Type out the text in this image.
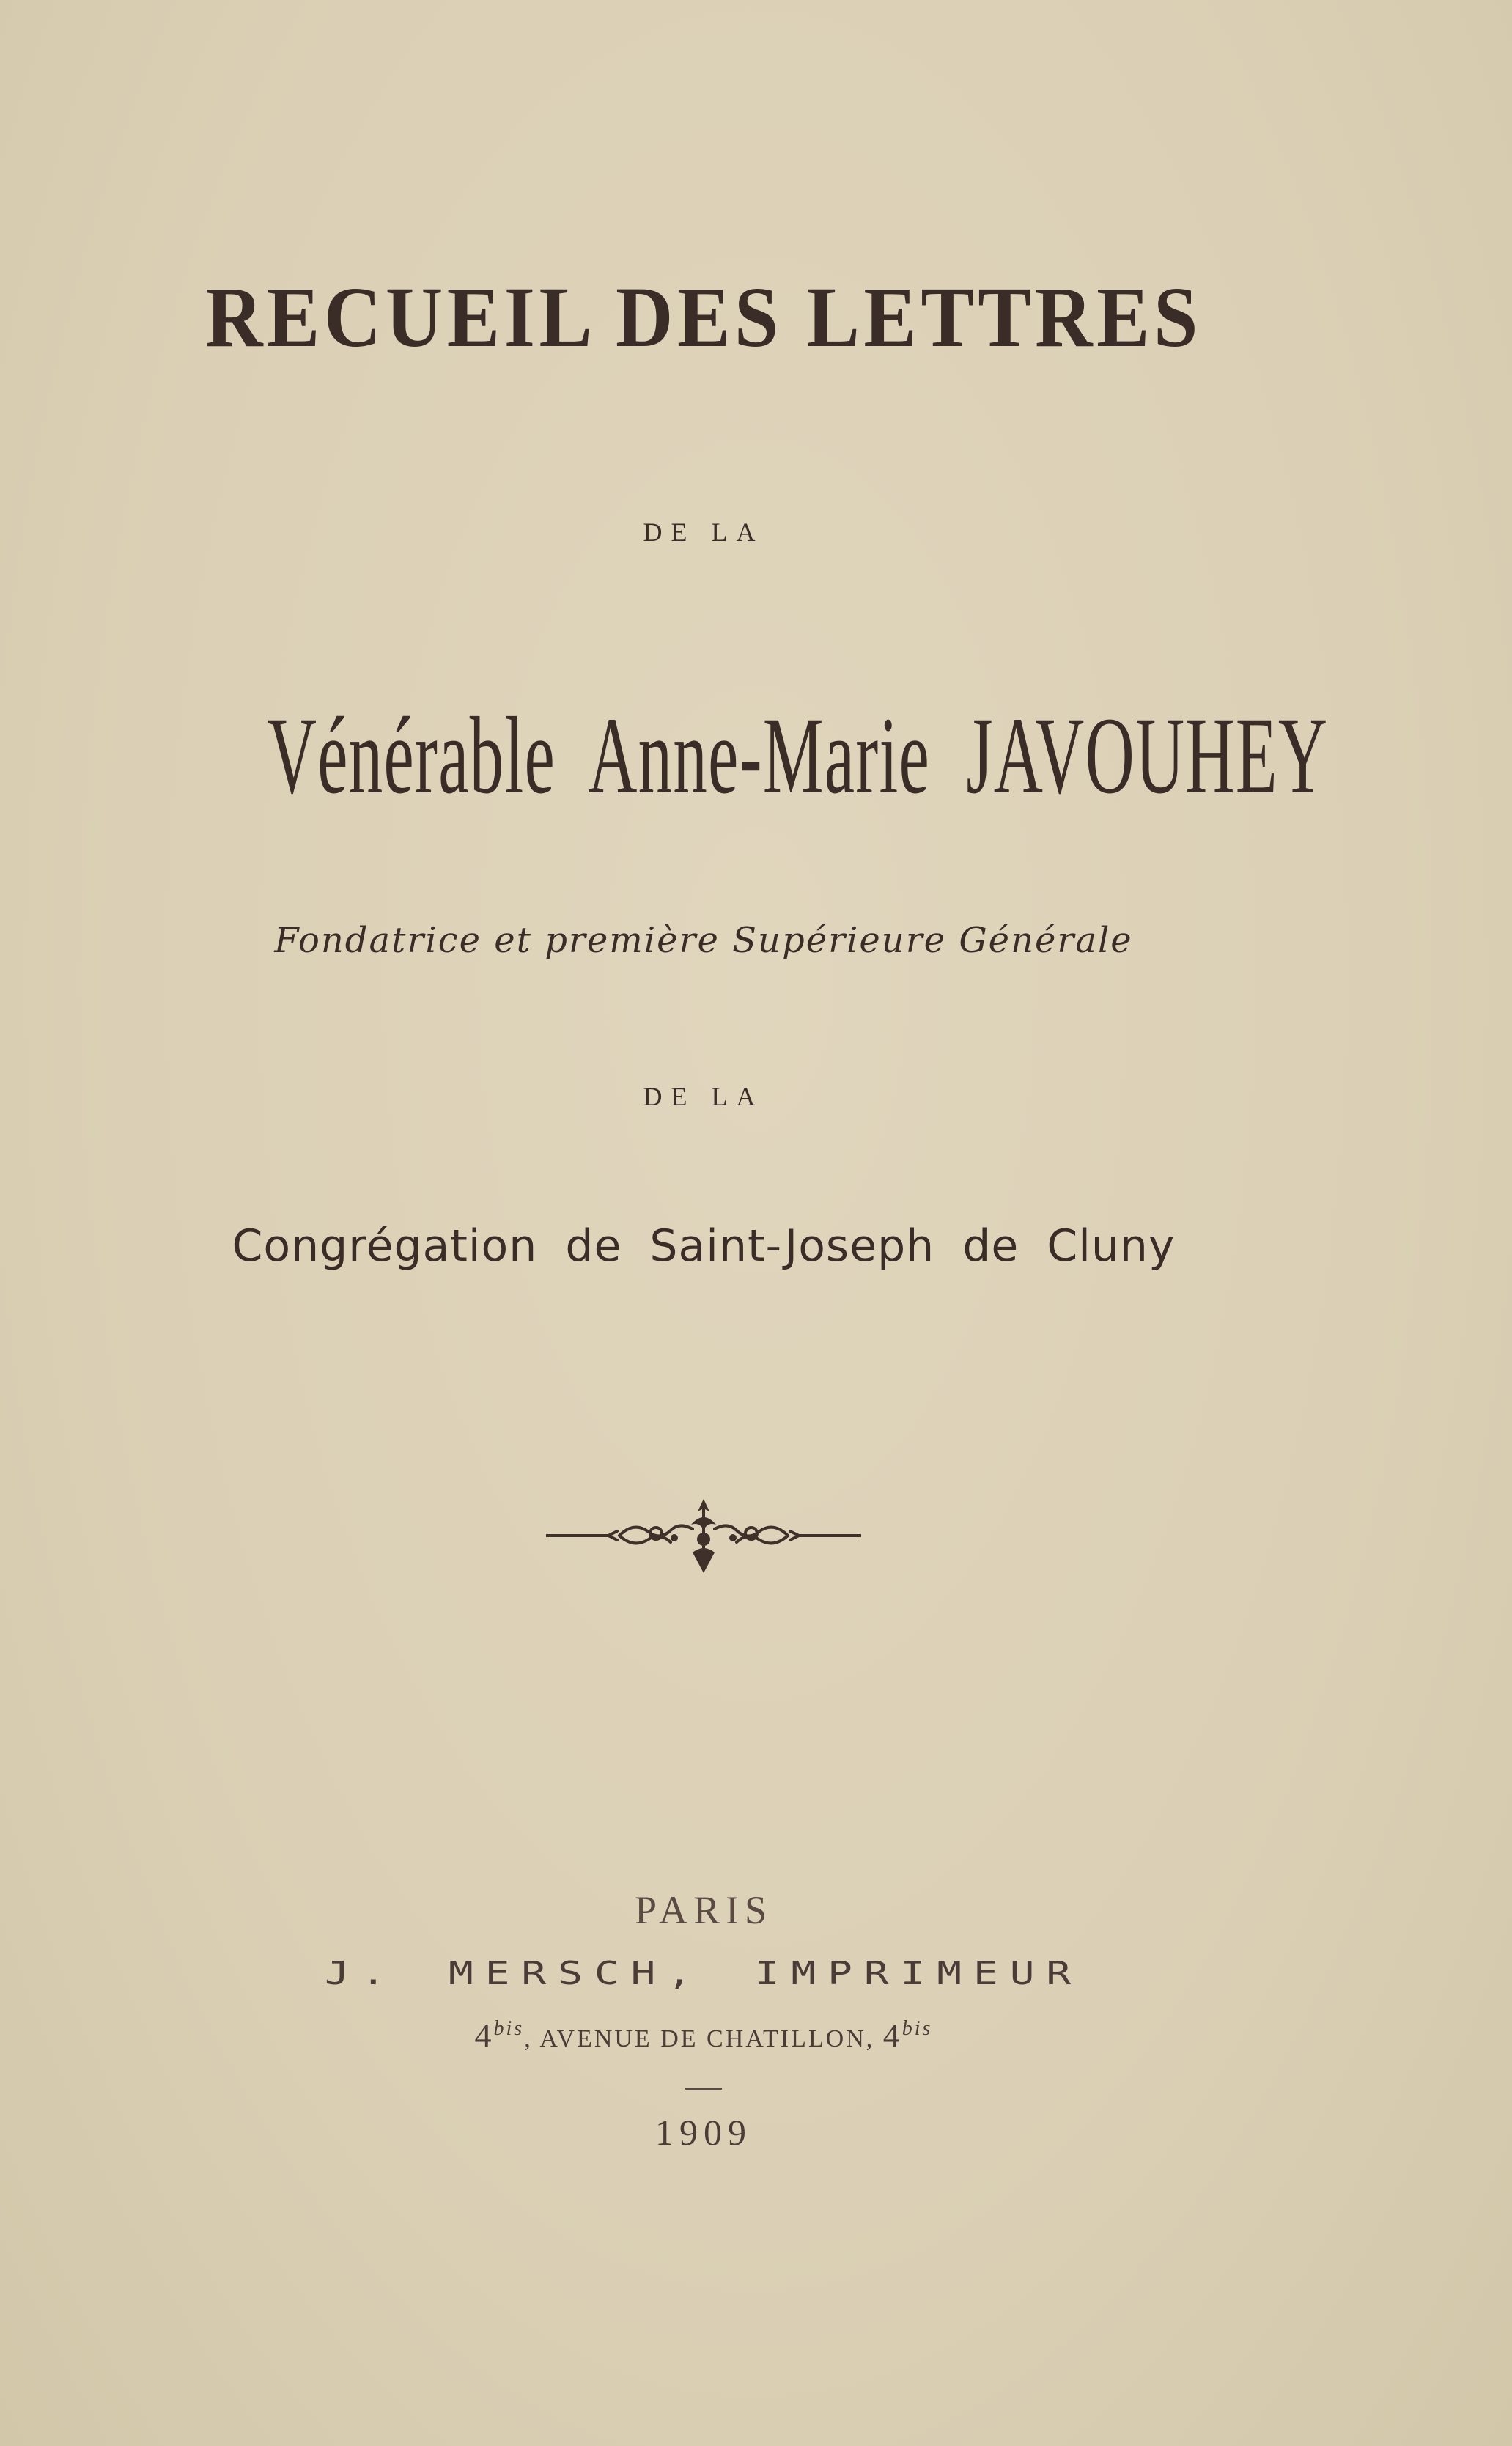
RECUEIL DES LETTRES
DE LA
Vénérable Anne-Marie JAVOUHEY
Fondatrice et première Supérieure Générale
DE LA
Congrégation de Saint-Joseph de Cluny
PARIS
J. MERSCH, IMPRIMEUR
$4^{bis}$, AVENUE DE CHATILLON, $4^{bis}$
1909
